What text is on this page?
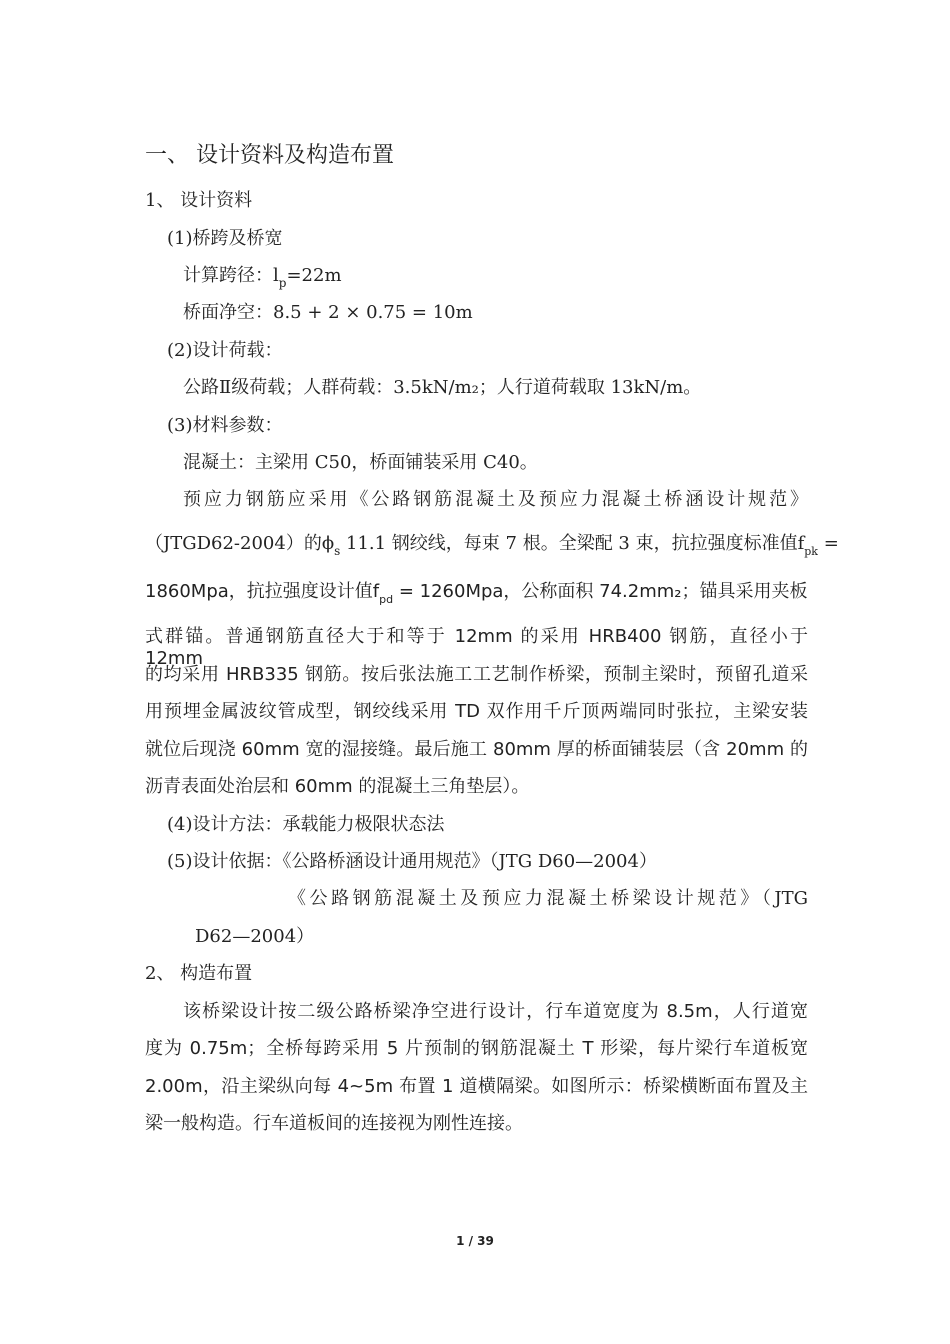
一、 设计资料及构造布置
1、 设计资料
(1)桥跨及桥宽
计算跨径：$l_p=22m$
桥面净空：8.5 + 2 × 0.75 = 10m
(2)设计荷载：
公路Ⅱ级荷载；人群荷载：3.5kN/m₂；人行道荷载取 13kN/m。
(3)材料参数：
混凝土：主梁用 C50，桥面铺装采用 C40。
预应力钢筋应采用《公路钢筋混凝土及预应力混凝土桥涵设计规范》
（JTGD62-2004）的$\phi_s$ 11.1 钢绞线，每束 7 根。全梁配 3 束，抗拉强度标准值$f_{pk}$ =
1860Mpa，抗拉强度设计值$f_{pd} = 1260Mpa$，公称面积 74.2mm₂；锚具采用夹板
式群锚。普通钢筋直径大于和等于 12mm 的采用 HRB400 钢筋，直径小于 12mm
的均采用 HRB335 钢筋。按后张法施工工艺制作桥梁，预制主梁时，预留孔道采
用预埋金属波纹管成型，钢绞线采用 TD 双作用千斤顶两端同时张拉，主梁安装
就位后现浇 60mm 宽的湿接缝。最后施工 80mm 厚的桥面铺装层（含 20mm 的
沥青表面处治层和 60mm 的混凝土三角垫层）。
(4)设计方法：承载能力极限状态法
(5)设计依据：《公路桥涵设计通用规范》（JTG D60—2004）
《公路钢筋混凝土及预应力混凝土桥梁设计规范》（JTG
D62—2004）
2、 构造布置
该桥梁设计按二级公路桥梁净空进行设计，行车道宽度为 8.5m，人行道宽
度为 0.75m；全桥每跨采用 5 片预制的钢筋混凝土 T 形梁，每片梁行车道板宽
2.00m，沿主梁纵向每 4~5m 布置 1 道横隔梁。如图所示：桥梁横断面布置及主
梁一般构造。行车道板间的连接视为刚性连接。
1 / 39
